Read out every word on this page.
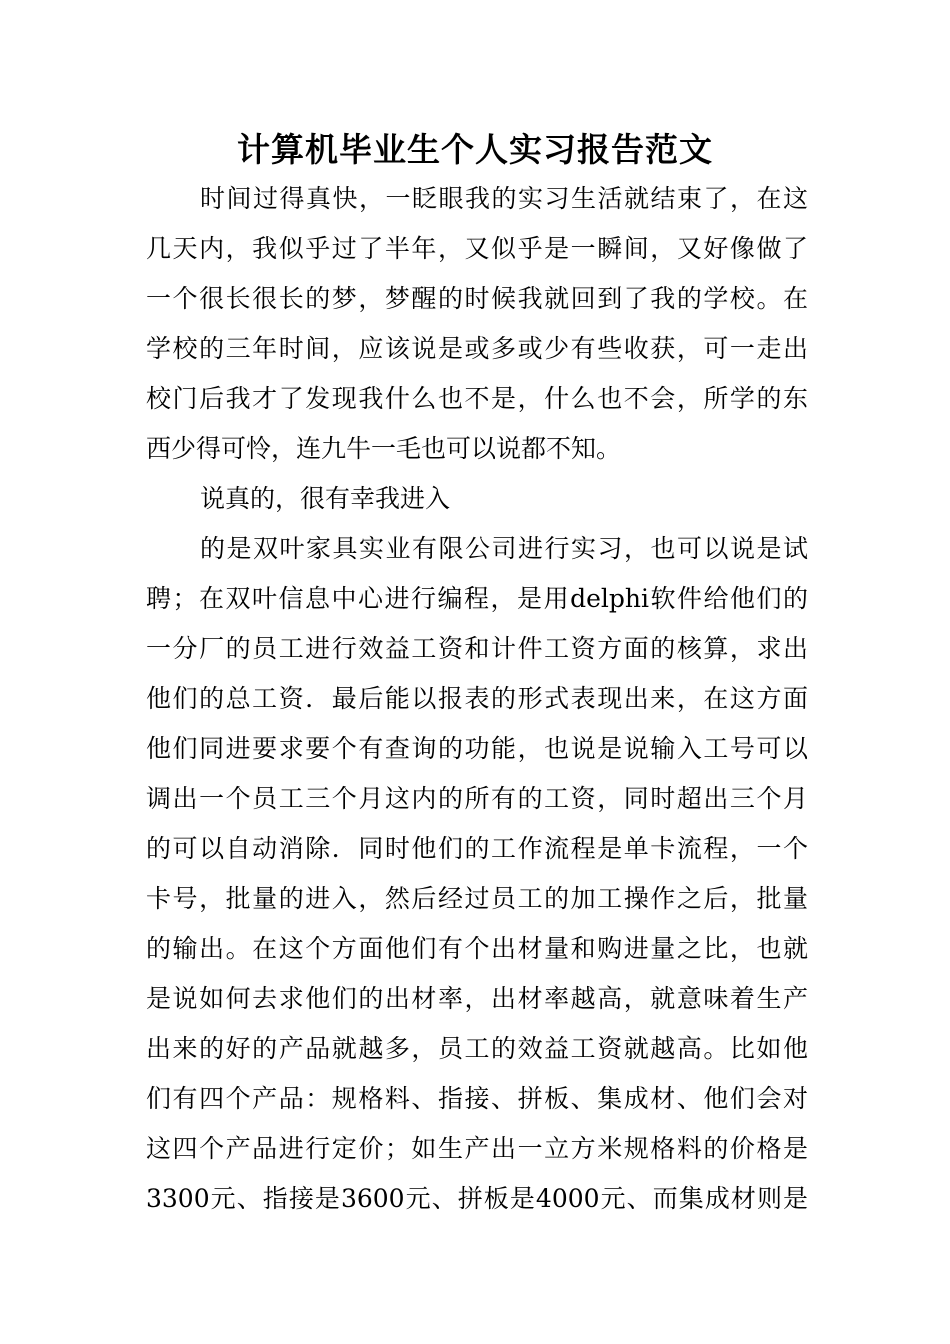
计算机毕业生个人实习报告范文
时间过得真快，一眨眼我的实习生活就结束了，在这
几天内，我似乎过了半年，又似乎是一瞬间，又好像做了
一个很长很长的梦，梦醒的时候我就回到了我的学校。在
学校的三年时间，应该说是或多或少有些收获，可一走出
校门后我才了发现我什么也不是，什么也不会，所学的东
西少得可怜，连九牛一毛也可以说都不知。
说真的，很有幸我进入
的是双叶家具实业有限公司进行实习，也可以说是试
聘；在双叶信息中心进行编程，是用delphi软件给他们的
一分厂的员工进行效益工资和计件工资方面的核算，求出
他们的总工资．最后能以报表的形式表现出来，在这方面
他们同进要求要个有查询的功能，也说是说输入工号可以
调出一个员工三个月这内的所有的工资，同时超出三个月
的可以自动消除．同时他们的工作流程是单卡流程，一个
卡号，批量的进入，然后经过员工的加工操作之后，批量
的输出。在这个方面他们有个出材量和购进量之比，也就
是说如何去求他们的出材率，出材率越高，就意味着生产
出来的好的产品就越多，员工的效益工资就越高。比如他
们有四个产品：规格料、指接、拼板、集成材、他们会对
这四个产品进行定价；如生产出一立方米规格料的价格是
3300元、指接是3600元、拼板是4000元、而集成材则是
